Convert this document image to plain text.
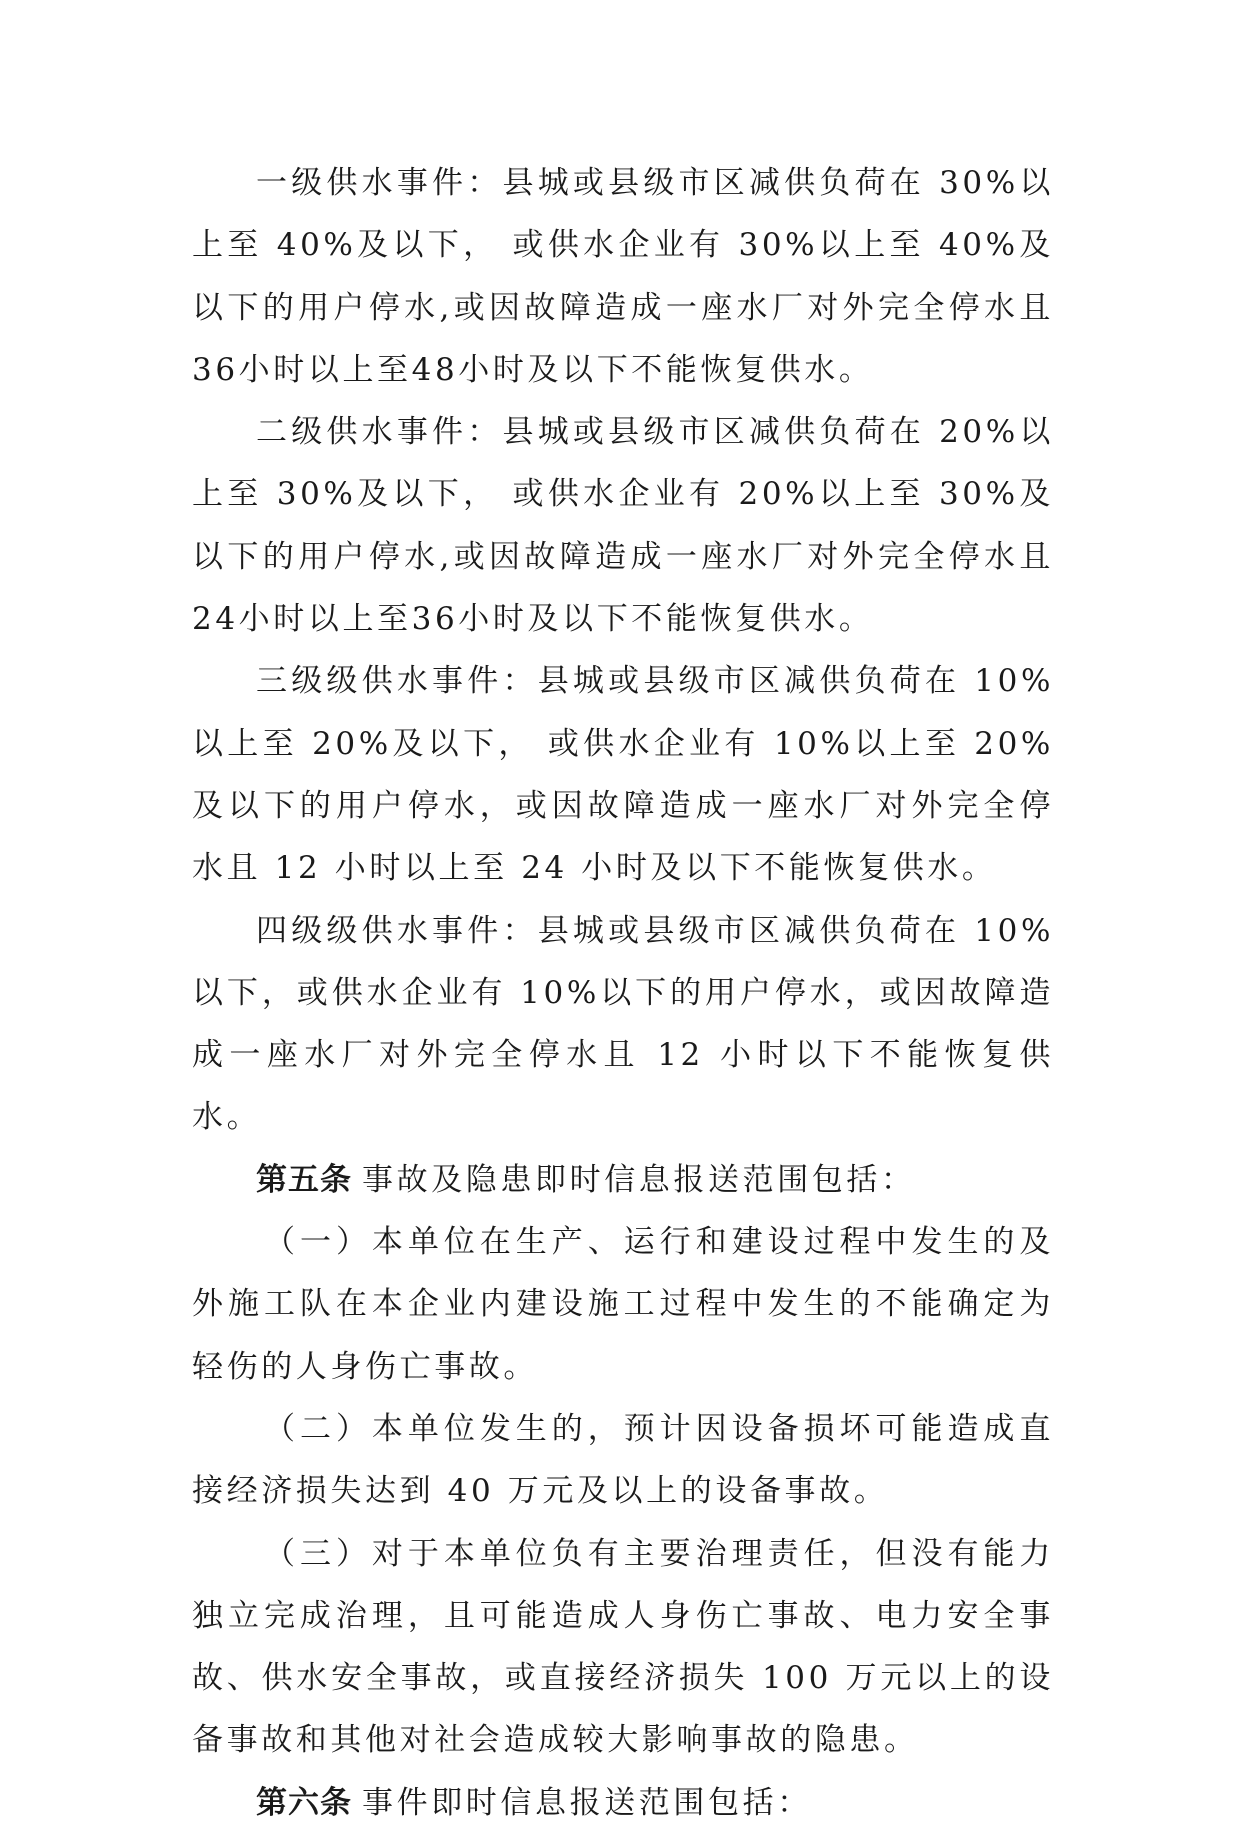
一级供水事件：县城或县级市区减供负荷在 30%以上至 40%及以下， 或供水企业有 30%以上至 40%及以下的用户停水,或因故障造成一座水厂对外完全停水且36小时以上至48小时及以下不能恢复供水。

二级供水事件：县城或县级市区减供负荷在 20%以上至 30%及以下， 或供水企业有 20%以上至 30%及以下的用户停水,或因故障造成一座水厂对外完全停水且24小时以上至36小时及以下不能恢复供水。

三级级供水事件：县城或县级市区减供负荷在 10%以上至 20%及以下， 或供水企业有 10%以上至 20%及以下的用户停水，或因故障造成一座水厂对外完全停水且 12 小时以上至 24 小时及以下不能恢复供水。

四级级供水事件：县城或县级市区减供负荷在 10%以下，或供水企业有 10%以下的用户停水，或因故障造成一座水厂对外完全停水且 12 小时以下不能恢复供水。

第五条 事故及隐患即时信息报送范围包括：

（一）本单位在生产、运行和建设过程中发生的及外施工队在本企业内建设施工过程中发生的不能确定为轻伤的人身伤亡事故。

（二）本单位发生的，预计因设备损坏可能造成直接经济损失达到 40 万元及以上的设备事故。

（三）对于本单位负有主要治理责任，但没有能力独立完成治理，且可能造成人身伤亡事故、电力安全事故、供水安全事故，或直接经济损失 100 万元以上的设备事故和其他对社会造成较大影响事故的隐患。

第六条 事件即时信息报送范围包括：
